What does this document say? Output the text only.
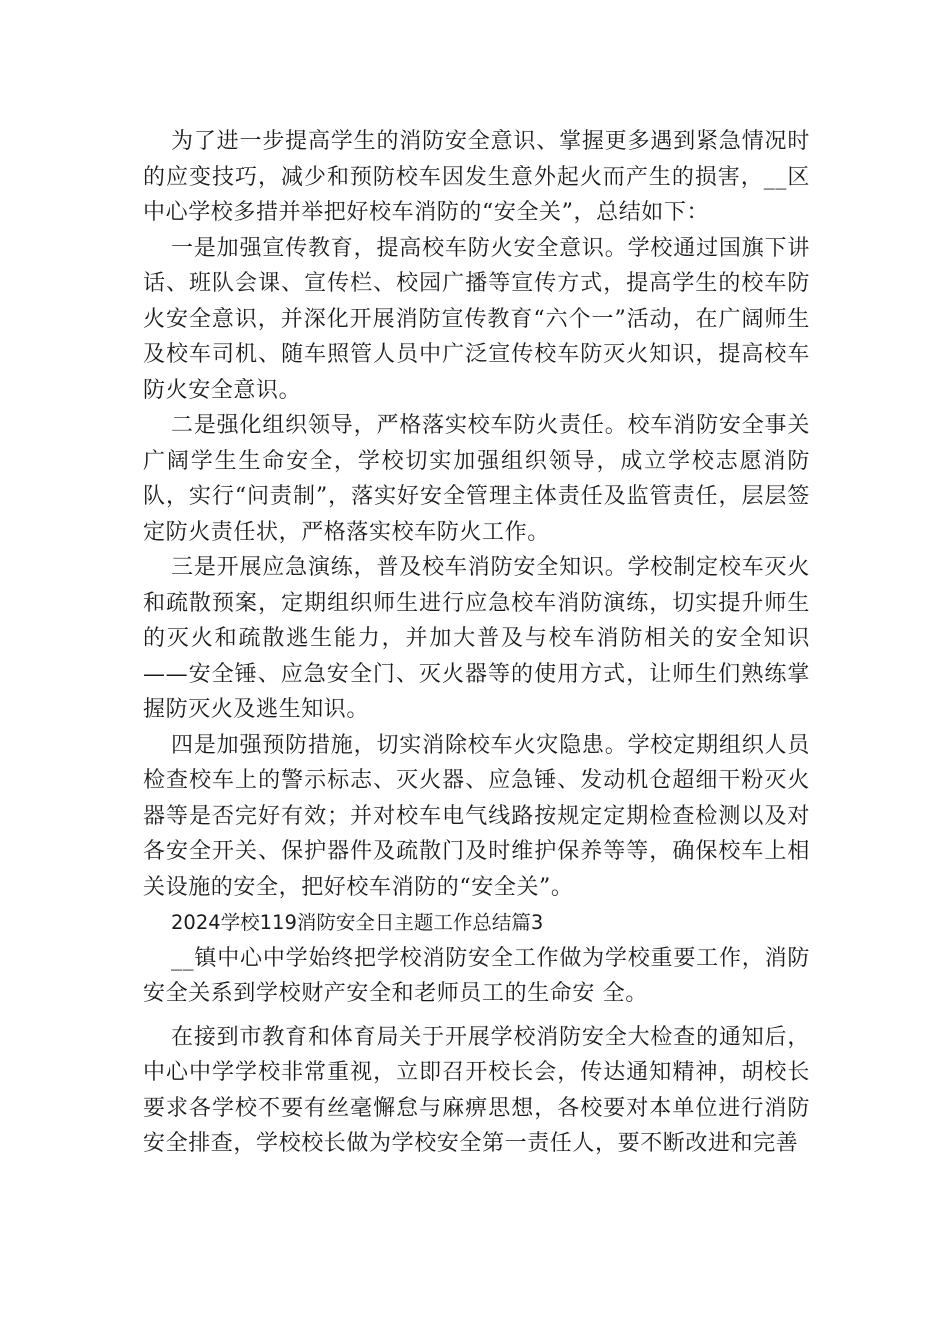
为了进一步提高学生的消防安全意识、掌握更多遇到紧急情况时的应变技巧，减少和预防校车因发生意外起火而产生的损害，__区中心学校多措并举把好校车消防的“安全关”，总结如下：

一是加强宣传教育，提高校车防火安全意识。学校通过国旗下讲话、班队会课、宣传栏、校园广播等宣传方式，提高学生的校车防火安全意识，并深化开展消防宣传教育“六个一”活动，在广阔师生及校车司机、随车照管人员中广泛宣传校车防灭火知识，提高校车防火安全意识。

二是强化组织领导，严格落实校车防火责任。校车消防安全事关广阔学生生命安全，学校切实加强组织领导，成立学校志愿消防队，实行“问责制”，落实好安全管理主体责任及监管责任，层层签定防火责任状，严格落实校车防火工作。

三是开展应急演练，普及校车消防安全知识。学校制定校车灭火和疏散预案，定期组织师生进行应急校车消防演练，切实提升师生的灭火和疏散逃生能力，并加大普及与校车消防相关的安全知识——安全锤、应急安全门、灭火器等的使用方式，让师生们熟练掌握防灭火及逃生知识。

四是加强预防措施，切实消除校车火灾隐患。学校定期组织人员检查校车上的警示标志、灭火器、应急锤、发动机仓超细干粉灭火器等是否完好有效；并对校车电气线路按规定定期检查检测以及对各安全开关、保护器件及疏散门及时维护保养等等，确保校车上相关设施的安全，把好校车消防的“安全关”。

2024学校119消防安全日主题工作总结篇3

__镇中心中学始终把学校消防安全工作做为学校重要工作，消防安全关系到学校财产安全和老师员工的生命安 全。

在接到市教育和体育局关于开展学校消防安全大检查的通知后，中心中学学校非常重视，立即召开校长会，传达通知精神，胡校长要求各学校不要有丝毫懈怠与麻痹思想，各校要对本单位进行消防安全排查，学校校长做为学校安全第一责任人，要不断改进和完善
